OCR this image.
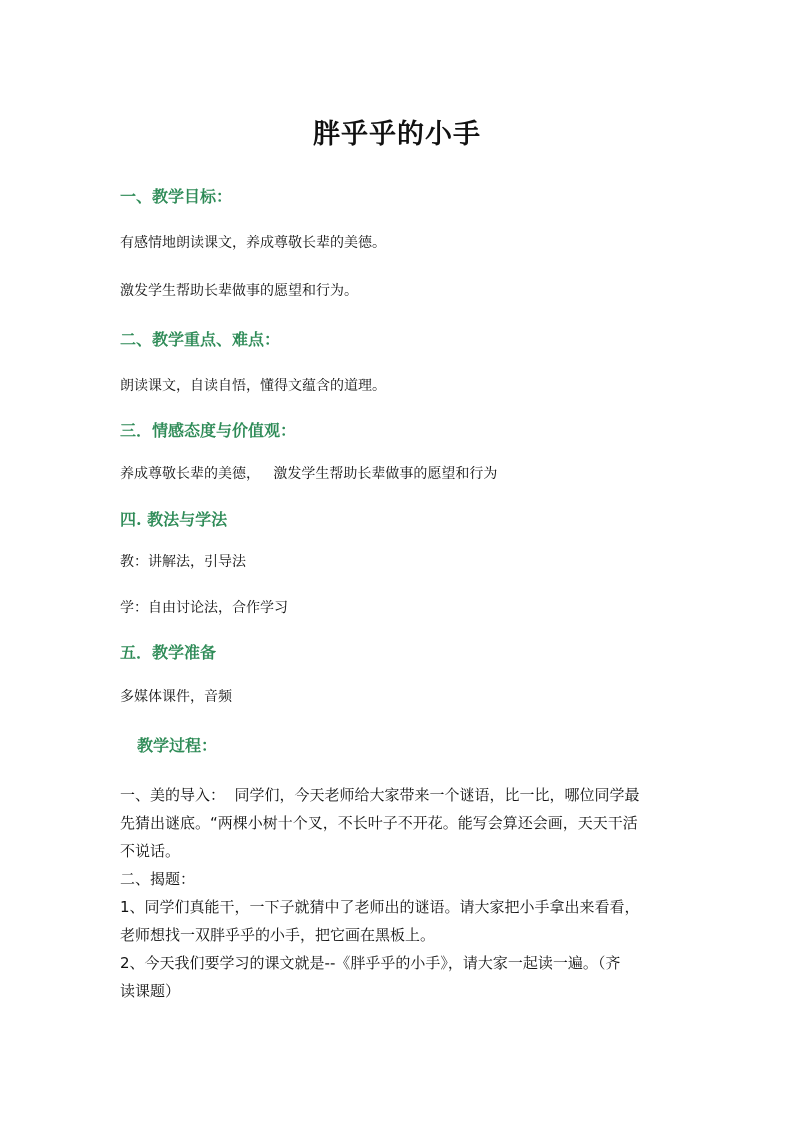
胖乎乎的小手
一、教学目标：
有感情地朗读课文，养成尊敬长辈的美德。
激发学生帮助长辈做事的愿望和行为。
二、教学重点、难点：
朗读课文，自读自悟，懂得文蕴含的道理。
三．情感态度与价值观：
养成尊敬长辈的美德，   激发学生帮助长辈做事的愿望和行为
四. 教法与学法
教：讲解法，引导法
学：自由讨论法，合作学习
五．教学准备
多媒体课件，音频
教学过程：
一、美的导入：  同学们，今天老师给大家带来一个谜语，比一比，哪位同学最
先猜出谜底。“两棵小树十个叉，不长叶子不开花。能写会算还会画，天天干活
不说话。
二、揭题：
1、同学们真能干，一下子就猜中了老师出的谜语。请大家把小手拿出来看看，
老师想找一双胖乎乎的小手，把它画在黑板上。
2、今天我们要学习的课文就是--《胖乎乎的小手》，请大家一起读一遍。（齐
读课题）
